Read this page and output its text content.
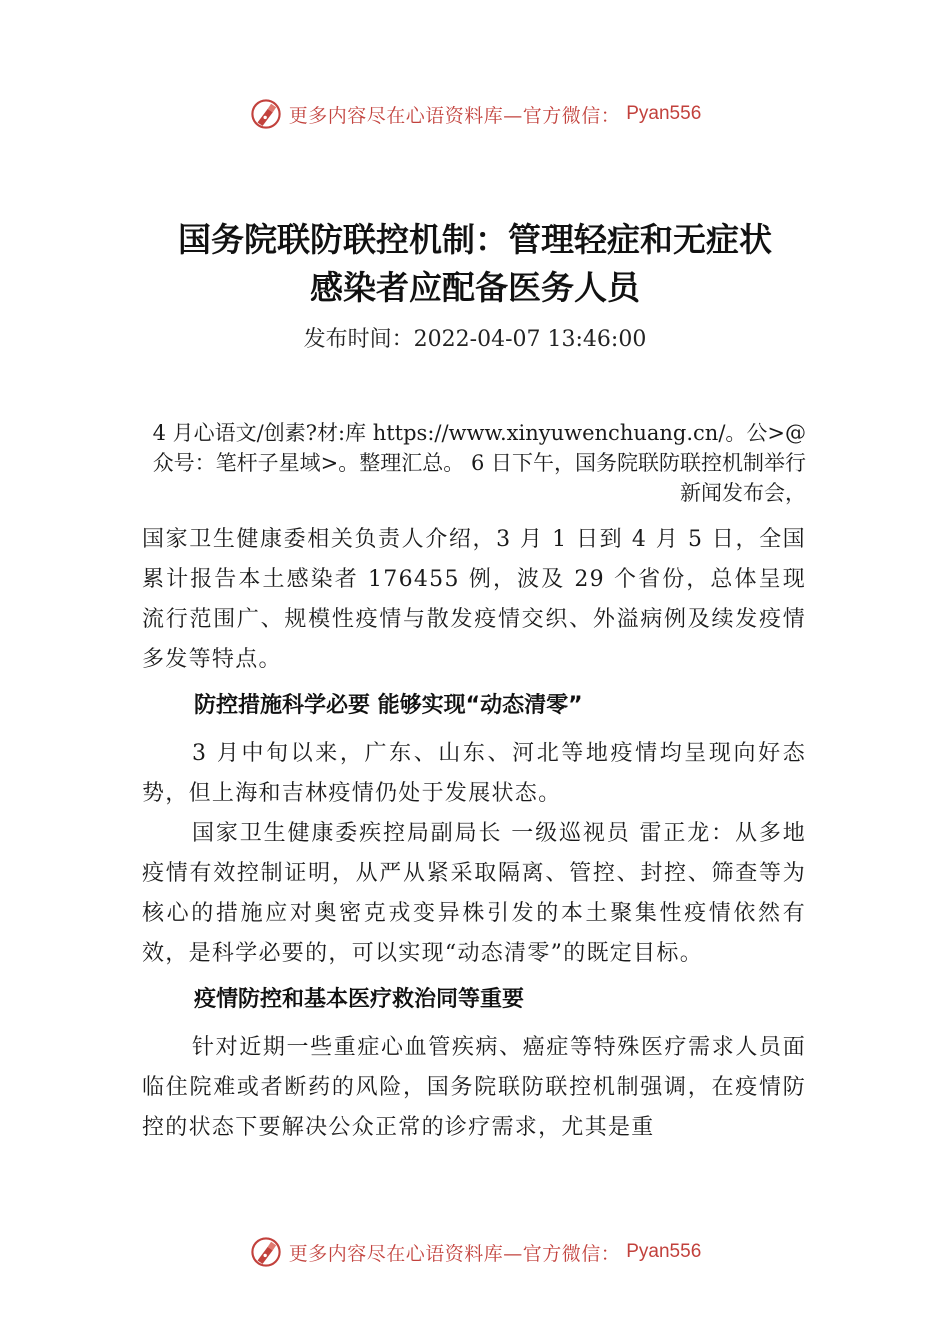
更多内容尽在心语资料库—官方微信： Pyan556
国务院联防联控机制：管理轻症和无症状
感染者应配备医务人员
发布时间：2022-04-07 13:46:00

4 月心语文/创素?材:库 https://www.xinyuwenchuang.cn/。公>@众号：笔杆子星域>。整理汇总。 6 日下午，国务院联防联控机制举行新闻发布会，

国家卫生健康委相关负责人介绍，3 月 1 日到 4 月 5 日，全国累计报告本土感染者 176455 例，波及 29 个省份，总体呈现流行范围广、规模性疫情与散发疫情交织、外溢病例及续发疫情多发等特点。

防控措施科学必要 能够实现“动态清零”

3 月中旬以来，广东、山东、河北等地疫情均呈现向好态势，但上海和吉林疫情仍处于发展状态。

国家卫生健康委疾控局副局长 一级巡视员 雷正龙：从多地疫情有效控制证明，从严从紧采取隔离、管控、封控、筛查等为核心的措施应对奥密克戎变异株引发的本土聚集性疫情依然有效，是科学必要的，可以实现“动态清零”的既定目标。

疫情防控和基本医疗救治同等重要

针对近期一些重症心血管疾病、癌症等特殊医疗需求人员面临住院难或者断药的风险，国务院联防联控机制强调，在疫情防控的状态下要解决公众正常的诊疗需求，尤其是重

更多内容尽在心语资料库—官方微信： Pyan556
